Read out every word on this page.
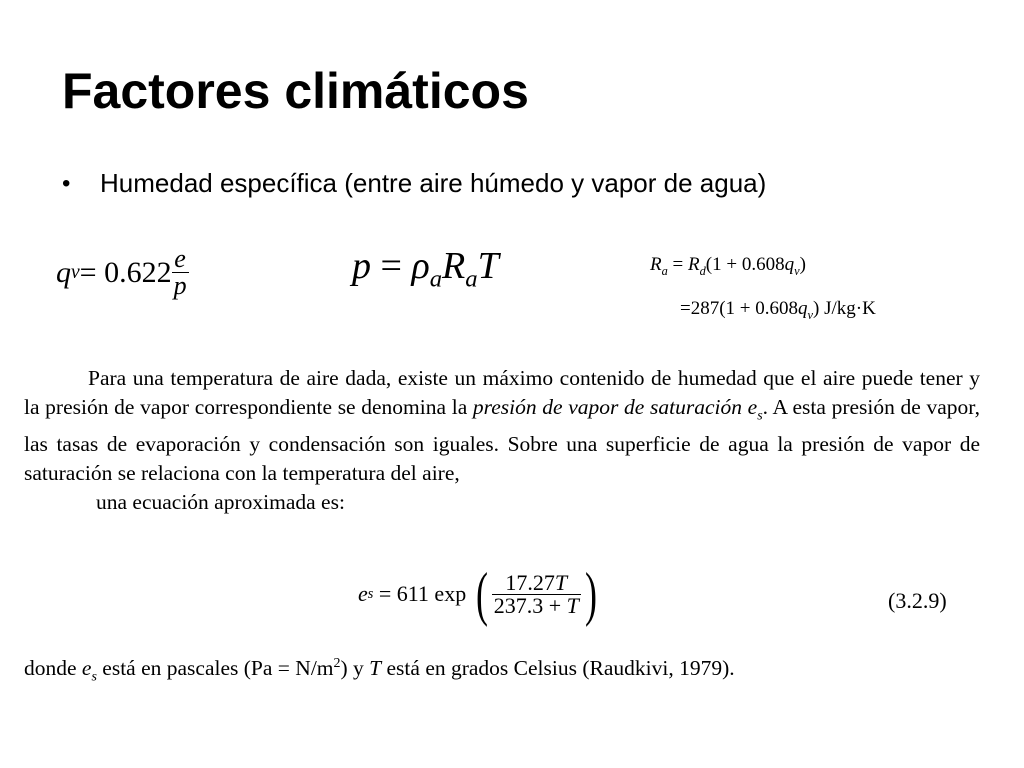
Factores climáticos
•	Humedad específica (entre aire húmedo y vapor de agua)
q $v = 0.622 \frac{e}{p}$	$p = \rho_aR_aT$	$R_a = R_d(1 + 0.608q_v)$
$=287(1 + 0.608q_v)$ J/kg·K

Para una temperatura de aire dada, existe un máximo contenido de humedad que el aire puede tener y la presión de vapor correspondiente se denomina la presión de vapor de saturación $e_s$. A esta presión de vapor, las tasas de evaporación y condensación son iguales. Sobre una superficie de agua la presión de vapor de saturación se relaciona con la temperatura del aire,

una ecuación aproximada es:

e s = 611 exp ( $\frac{17.27T}{237.3 + T}$ )	(3.2.9)
donde $e_s$ está en pascales $(Pa = N/m^2)$ y T está en grados Celsius (Raudkivi, 1979).
